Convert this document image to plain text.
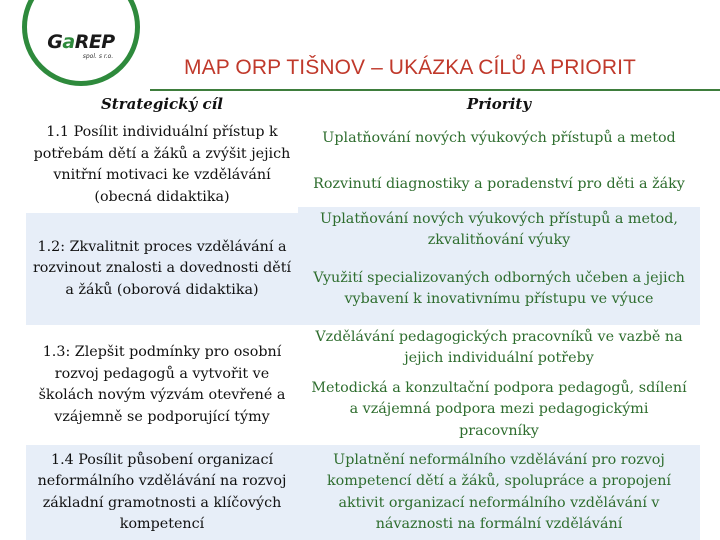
GaREP
spol. s r.o.	MAP ORP TIŠNOV – UKÁZKA CÍLŮ A PRIORIT
Strategický cíl
1.1 Posílit individuální přístup k potřebám dětí a žáků a zvýšit jejich vnitřní motivaci ke vzdělávání (obecná didaktika)
1.2: Zkvalitnit proces vzdělávání a rozvinout znalosti a dovednosti dětí a žáků (oborová didaktika)
1.3: Zlepšit podmínky pro osobní rozvoj pedagogů a vytvořit ve školách novým výzvám otevřené a vzájemně se podporující týmy
1.4 Posílit působení organizací neformálního vzdělávání na rozvoj základní gramotnosti a klíčových kompetencí
Priority
Uplatňování nových výukových přístupů a metod
Rozvinutí diagnostiky a poradenství pro děti a žáky
Uplatňování nových výukových přístupů a metod, zkvalitňování výuky
Využití specializovaných odborných učeben a jejich vybavení k inovativnímu přístupu ve výuce
Vzdělávání pedagogických pracovníků ve vazbě na jejich individuální potřeby
Metodická a konzultační podpora pedagogů, sdílení a vzájemná podpora mezi pedagogickými pracovníky
Uplatnění neformálního vzdělávání pro rozvoj kompetencí dětí a žáků, spolupráce a propojení aktivit organizací neformálního vzdělávání v návaznosti na formální vzdělávání
